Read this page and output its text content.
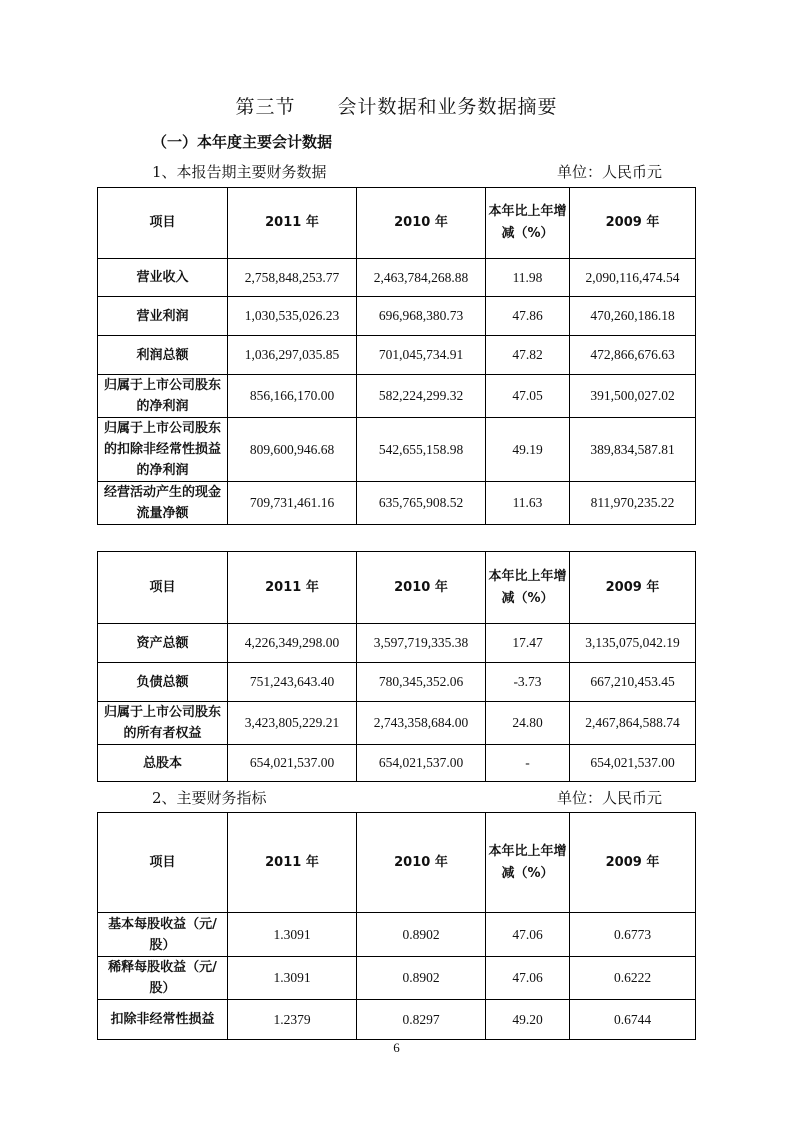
第三节 会计数据和业务数据摘要
（一）本年度主要会计数据
1、本报告期主要财务数据	单位：人民币元
项目	2011 年	2010 年	本年比上年增减（%）	2009 年
营业收入	2,758,848,253.77	2,463,784,268.88	11.98	2,090,116,474.54
营业利润	1,030,535,026.23	696,968,380.73	47.86	470,260,186.18
利润总额	1,036,297,035.85	701,045,734.91	47.82	472,866,676.63
归属于上市公司股东的净利润	856,166,170.00	582,224,299.32	47.05	391,500,027.02
归属于上市公司股东的扣除非经常性损益的净利润	809,600,946.68	542,655,158.98	49.19	389,834,587.81
经营活动产生的现金流量净额	709,731,461.16	635,765,908.52	11.63	811,970,235.22
项目	2011 年	2010 年	本年比上年增减（%）	2009 年
资产总额	4,226,349,298.00	3,597,719,335.38	17.47	3,135,075,042.19
负债总额	751,243,643.40	780,345,352.06	-3.73	667,210,453.45
归属于上市公司股东的所有者权益	3,423,805,229.21	2,743,358,684.00	24.80	2,467,864,588.74
总股本	654,021,537.00	654,021,537.00	-	654,021,537.00
2、主要财务指标	单位：人民币元
项目	2011 年	2010 年	本年比上年增减（%）	2009 年
基本每股收益（元/股）	1.3091	0.8902	47.06	0.6773
稀释每股收益（元/股）	1.3091	0.8902	47.06	0.6222
扣除非经常性损益	1.2379	0.8297	49.20	0.6744
6
